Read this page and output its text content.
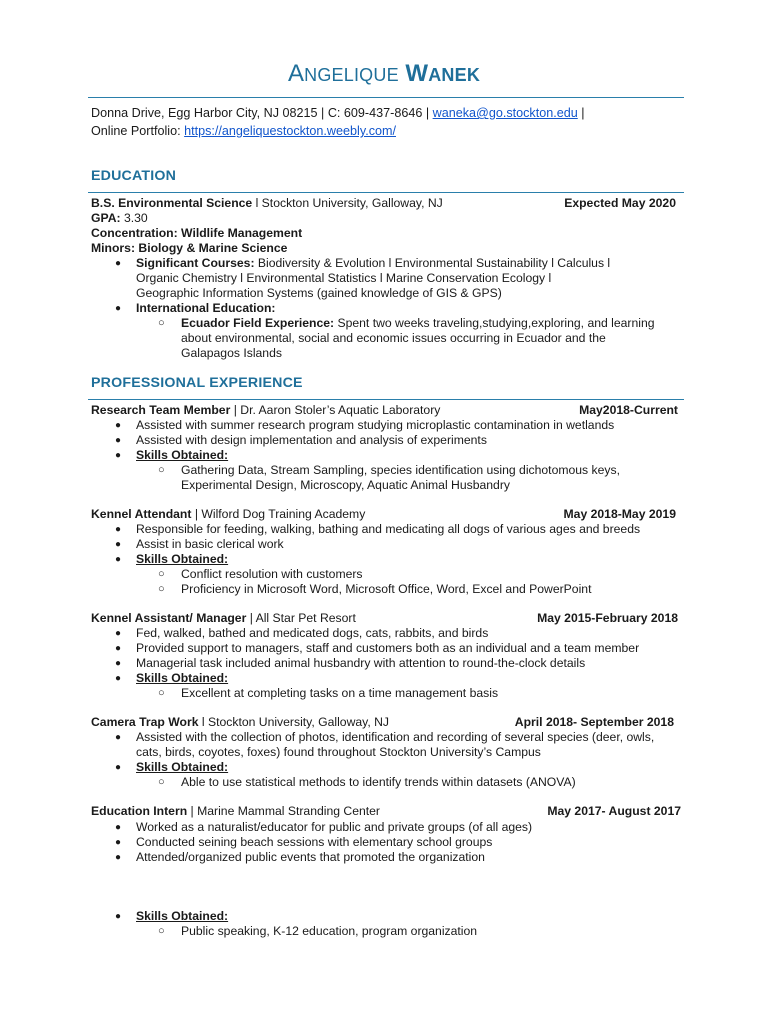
ANGELIQUE WANEK
Donna Drive, Egg Harbor City, NJ 08215 | C: 609-437-8646 | waneka@go.stockton.edu |
Online Portfolio: https://angeliquestockton.weebly.com/
EDUCATION
B.S. Environmental Science l Stockton University, Galloway, NJ	Expected May 2020
GPA: 3.30
Concentration: Wildlife Management
Minors: Biology & Marine Science
● Significant Courses: Biodiversity & Evolution l Environmental Sustainability l Calculus l
Organic Chemistry l Environmental Statistics l Marine Conservation Ecology l
Geographic Information Systems (gained knowledge of GIS & GPS)
● International Education:
○ Ecuador Field Experience: Spent two weeks traveling,studying,exploring, and learning
about environmental, social and economic issues occurring in Ecuador and the
Galapagos Islands
PROFESSIONAL EXPERIENCE
Research Team Member | Dr. Aaron Stoler’s Aquatic Laboratory	May2018-Current
● Assisted with summer research program studying microplastic contamination in wetlands
● Assisted with design implementation and analysis of experiments
● Skills Obtained:
○ Gathering Data, Stream Sampling, species identification using dichotomous keys,
Experimental Design, Microscopy, Aquatic Animal Husbandry
Kennel Attendant | Wilford Dog Training Academy	May 2018-May 2019
● Responsible for feeding, walking, bathing and medicating all dogs of various ages and breeds
● Assist in basic clerical work
● Skills Obtained:
○ Conflict resolution with customers
○ Proficiency in Microsoft Word, Microsoft Office, Word, Excel and PowerPoint
Kennel Assistant/ Manager | All Star Pet Resort	May 2015-February 2018
● Fed, walked, bathed and medicated dogs, cats, rabbits, and birds
● Provided support to managers, staff and customers both as an individual and a team member
● Managerial task included animal husbandry with attention to round-the-clock details
● Skills Obtained:
○ Excellent at completing tasks on a time management basis
Camera Trap Work l Stockton University, Galloway, NJ	April 2018- September 2018
● Assisted with the collection of photos, identification and recording of several species (deer, owls,
cats, birds, coyotes, foxes) found throughout Stockton University’s Campus
● Skills Obtained:
○ Able to use statistical methods to identify trends within datasets (ANOVA)
Education Intern | Marine Mammal Stranding Center	May 2017- August 2017
● Worked as a naturalist/educator for public and private groups (of all ages)
● Conducted seining beach sessions with elementary school groups
● Attended/organized public events that promoted the organization
● Skills Obtained:
○ Public speaking, K-12 education, program organization
